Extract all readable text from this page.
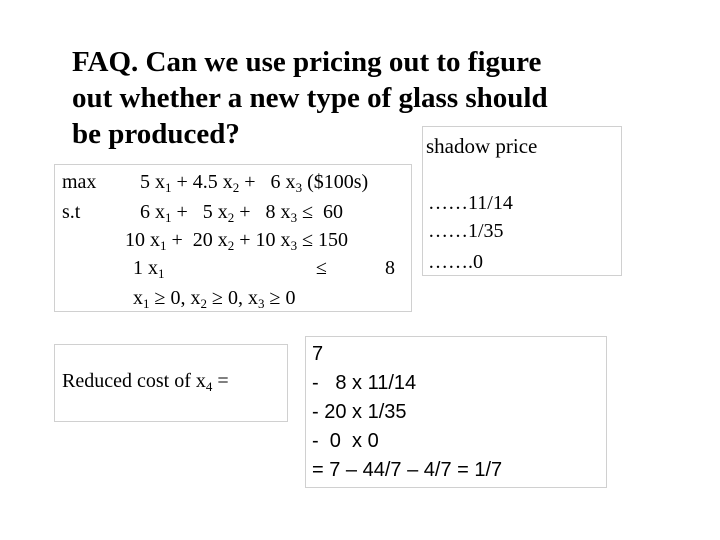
FAQ. Can we use pricing out to figure
out whether a new type of glass should
be produced?	shadow price
……11/14
……1/35
…….0
max
s.t
5 $x_1 + 4.5$ $x_2 + 6$ $x_3$ ($100s)
6 $x_1 + 5$ $x_2 + 8$ $x_3 \le 60$
10 $x_1 + 20$ $x_2 + 10$ $x_3 \le 150$
1 $x_1$	≤	8
$x_1 \ge 0$, $x_2 \ge 0$, $x_3 \ge 0$
Reduced cost of $x_4$ =
7
-   8 x 11/14
- 20 x 1/35
-  0  x 0
= 7 – 44/7 – 4/7 = 1/7
